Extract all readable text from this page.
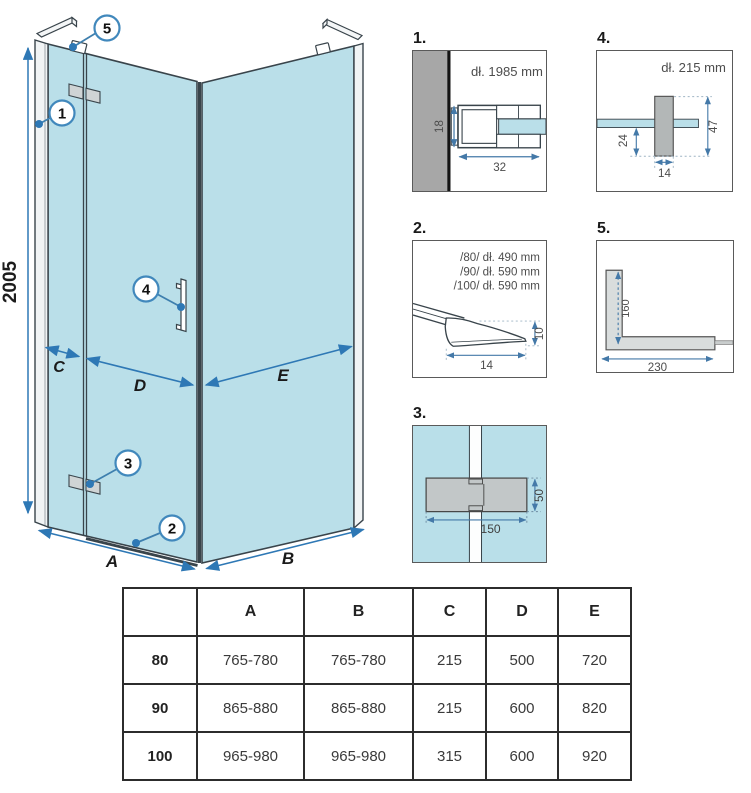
2005
C
D
E
A	B
1
5
4
3
2
1.
dł. 1985 mm
18
32
4.
dł. 215 mm
47
24
14
2.
/80/ dł. 490 mm
/90/ dł. 590 mm
/100/ dł. 590 mm
10
14
5.
160
230
3.
150
50
	A	B	C	D	E
80	765-780	765-780	215	500	720
90	865-880	865-880	215	600	820
100	965-980	965-980	315	600	920
